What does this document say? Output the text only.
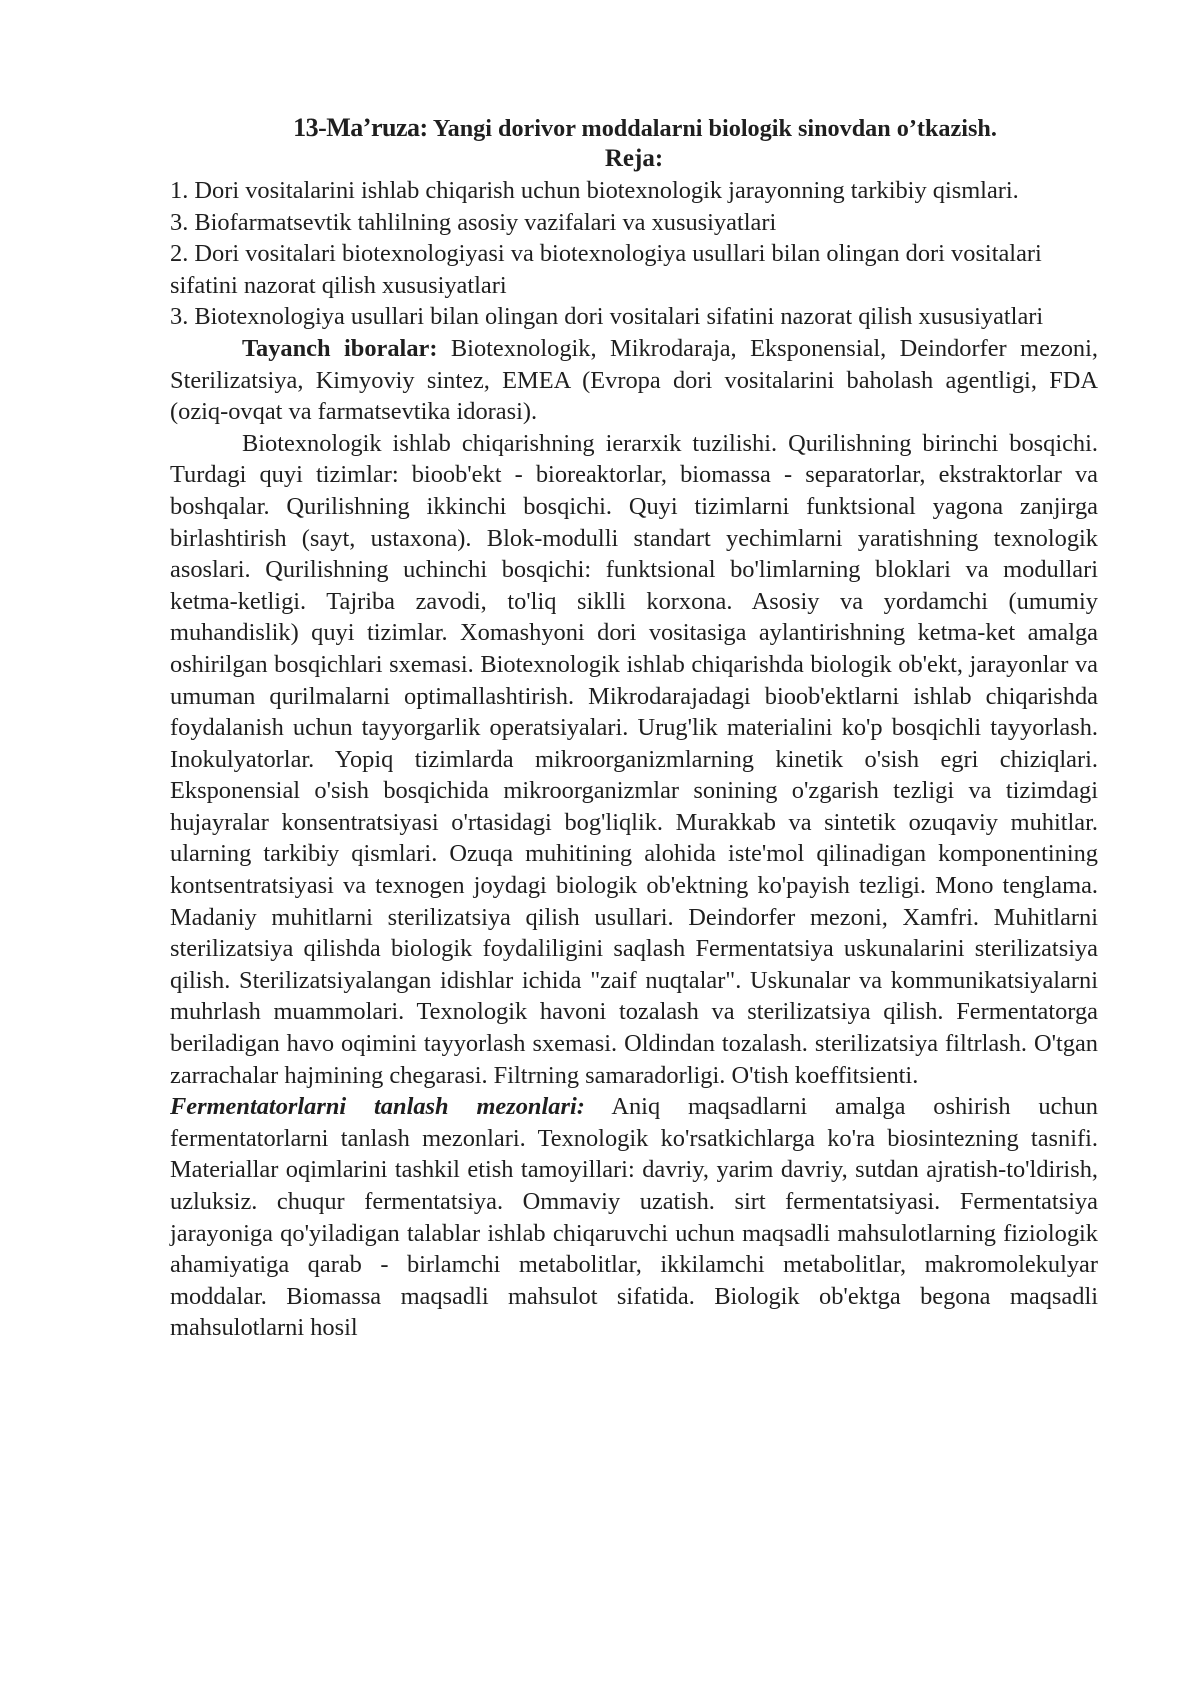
13-Ma’ruza: Yangi dorivor moddalarni biologik sinovdan o’tkazish.
Reja:

1. Dori vositalarini ishlab chiqarish uchun biotexnologik jarayonning tarkibiy qismlari.

3. Biofarmatsevtik tahlilning asosiy vazifalari va xususiyatlari

2. Dori vositalari biotexnologiyasi va biotexnologiya usullari bilan olingan dori vositalari sifatini nazorat qilish xususiyatlari

3. Biotexnologiya usullari bilan olingan dori vositalari sifatini nazorat qilish xususiyatlari

Tayanch iboralar: Biotexnologik, Mikrodaraja, Eksponensial, Deindorfer mezoni, Sterilizatsiya, Kimyoviy sintez, EMEA (Evropa dori vositalarini baholash agentligi, FDA (oziq-ovqat va farmatsevtika idorasi).

Biotexnologik ishlab chiqarishning ierarxik tuzilishi. Qurilishning birinchi bosqichi. Turdagi quyi tizimlar: bioob'ekt - bioreaktorlar, biomassa - separatorlar, ekstraktorlar va boshqalar. Qurilishning ikkinchi bosqichi. Quyi tizimlarni funktsional yagona zanjirga birlashtirish (sayt, ustaxona). Blok-modulli standart yechimlarni yaratishning texnologik asoslari. Qurilishning uchinchi bosqichi: funktsional bo'limlarning bloklari va modullari ketma-ketligi. Tajriba zavodi, to'liq siklli korxona. Asosiy va yordamchi (umumiy muhandislik) quyi tizimlar. Xomashyoni dori vositasiga aylantirishning ketma-ket amalga oshirilgan bosqichlari sxemasi. Biotexnologik ishlab chiqarishda biologik ob'ekt, jarayonlar va umuman qurilmalarni optimallashtirish. Mikrodarajadagi bioob'ektlarni ishlab chiqarishda foydalanish uchun tayyorgarlik operatsiyalari. Urug'lik materialini ko'p bosqichli tayyorlash. Inokulyatorlar. Yopiq tizimlarda mikroorganizmlarning kinetik o'sish egri chiziqlari. Eksponensial o'sish bosqichida mikroorganizmlar sonining o'zgarish tezligi va tizimdagi hujayralar konsentratsiyasi o'rtasidagi bog'liqlik. Murakkab va sintetik ozuqaviy muhitlar. ularning tarkibiy qismlari. Ozuqa muhitining alohida iste'mol qilinadigan komponentining kontsentratsiyasi va texnogen joydagi biologik ob'ektning ko'payish tezligi. Mono tenglama. Madaniy muhitlarni sterilizatsiya qilish usullari. Deindorfer mezoni, Xamfri. Muhitlarni sterilizatsiya qilishda biologik foydaliligini saqlash Fermentatsiya uskunalarini sterilizatsiya qilish. Sterilizatsiyalangan idishlar ichida "zaif nuqtalar". Uskunalar va kommunikatsiyalarni muhrlash muammolari. Texnologik havoni tozalash va sterilizatsiya qilish. Fermentatorga beriladigan havo oqimini tayyorlash sxemasi. Oldindan tozalash. sterilizatsiya filtrlash. O'tgan zarrachalar hajmining chegarasi. Filtrning samaradorligi. O'tish koeffitsienti.

Fermentatorlarni tanlash mezonlari: Aniq maqsadlarni amalga oshirish uchun fermentatorlarni tanlash mezonlari. Texnologik ko'rsatkichlarga ko'ra biosintezning tasnifi. Materiallar oqimlarini tashkil etish tamoyillari: davriy, yarim davriy, sutdan ajratish-to'ldirish, uzluksiz. chuqur fermentatsiya. Ommaviy uzatish. sirt fermentatsiyasi. Fermentatsiya jarayoniga qo'yiladigan talablar ishlab chiqaruvchi uchun maqsadli mahsulotlarning fiziologik ahamiyatiga qarab - birlamchi metabolitlar, ikkilamchi metabolitlar, makromolekulyar moddalar. Biomassa maqsadli mahsulot sifatida. Biologik ob'ektga begona maqsadli mahsulotlarni hosil
